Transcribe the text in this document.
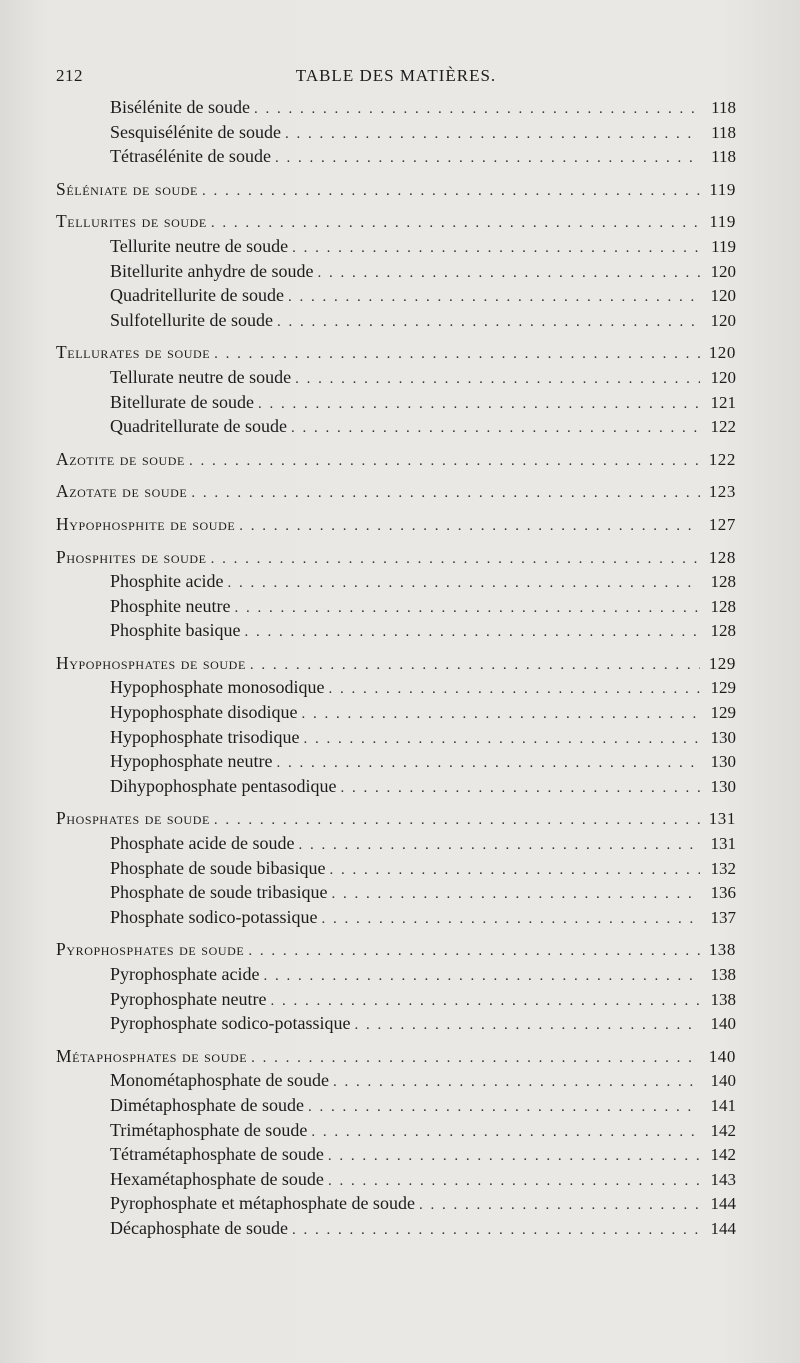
212	TABLE DES MATIÈRES.
Bisélénite de soude . . .	118
Sesquisélénite de soude . . .	118
Tétrasélénite de soude . . .	118
Séléniate de soude . . .	119
Tellurites de soude . . .	119
Tellurite neutre de soude . . .	119
Bitellurite anhydre de soude . . .	120
Quadritellurite de soude . . .	120
Sulfotellurite de soude . . .	120
Tellurates de soude . . .	120
Tellurate neutre de soude . . .	120
Bitellurate de soude . . .	121
Quadritellurate de soude . . .	122
Azotite de soude . . .	122
Azotate de soude . . .	123
Hypophosphite de soude . . .	127
Phosphites de soude . . .	128
Phosphite acide . . .	128
Phosphite neutre . . .	128
Phosphite basique . . .	128
Hypophosphates de soude . . .	129
Hypophosphate monosodique . . .	129
Hypophosphate disodique . . .	129
Hypophosphate trisodique . . .	130
Hypophosphate neutre . . .	130
Dihypophosphate pentasodique . . .	130
Phosphates de soude . . .	131
Phosphate acide de soude . . .	131
Phosphate de soude bibasique . . .	132
Phosphate de soude tribasique . . .	136
Phosphate sodico-potassique . . .	137
Pyrophosphates de soude . . .	138
Pyrophosphate acide . . .	138
Pyrophosphate neutre . . .	138
Pyrophosphate sodico-potassique . . .	140
Métaphosphates de soude . . .	140
Monométaphosphate de soude . . .	140
Dimétaphosphate de soude . . .	141
Trimétaphosphate de soude . . .	142
Tétramétaphosphate de soude . . .	142
Hexamétaphosphate de soude . . .	143
Pyrophosphate et métaphosphate de soude . . .	144
Décaphosphate de soude . . .	144
